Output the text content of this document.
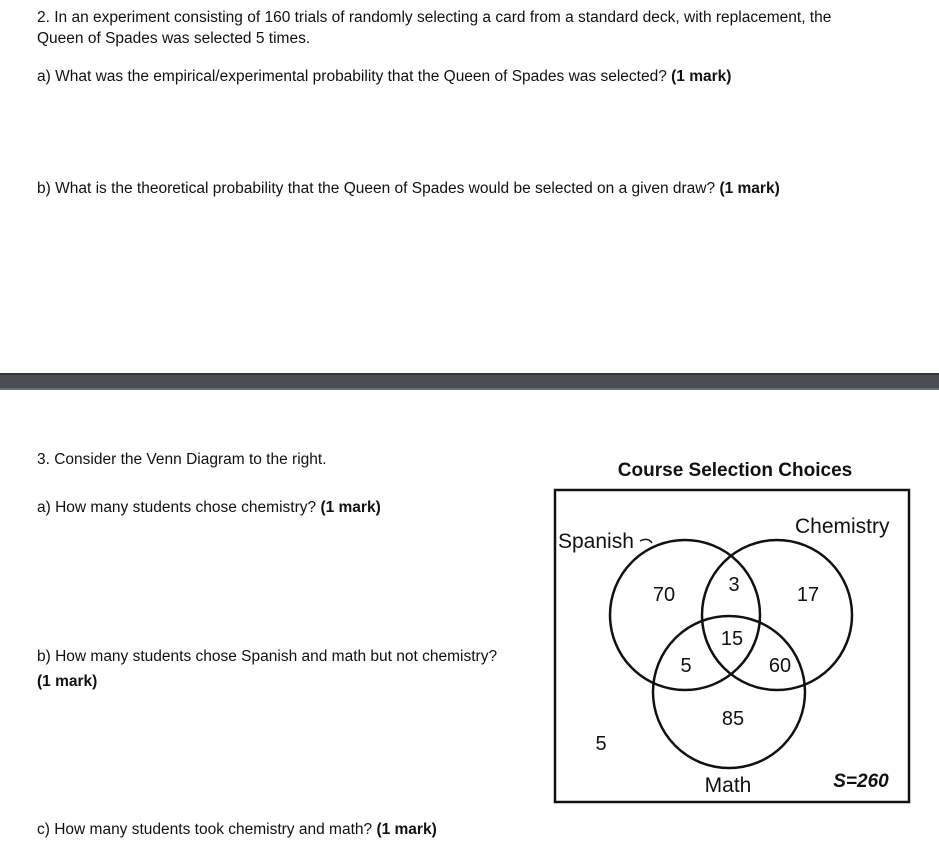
2. In an experiment consisting of 160 trials of randomly selecting a card from a standard deck, with replacement, the

Queen of Spades was selected 5 times.

a) What was the empirical/experimental probability that the Queen of Spades was selected? (1 mark)

b) What is the theoretical probability that the Queen of Spades would be selected on a given draw? (1 mark)

3. Consider the Venn Diagram to the right.

a) How many students chose chemistry? (1 mark)

b) How many students chose Spanish and math but not chemistry?

(1 mark)

c) How many students took chemistry and math? (1 mark)

Course Selection Choices
Spanish
Chemistry
Math	S=260
70	3	17
15
5	60
85
5
